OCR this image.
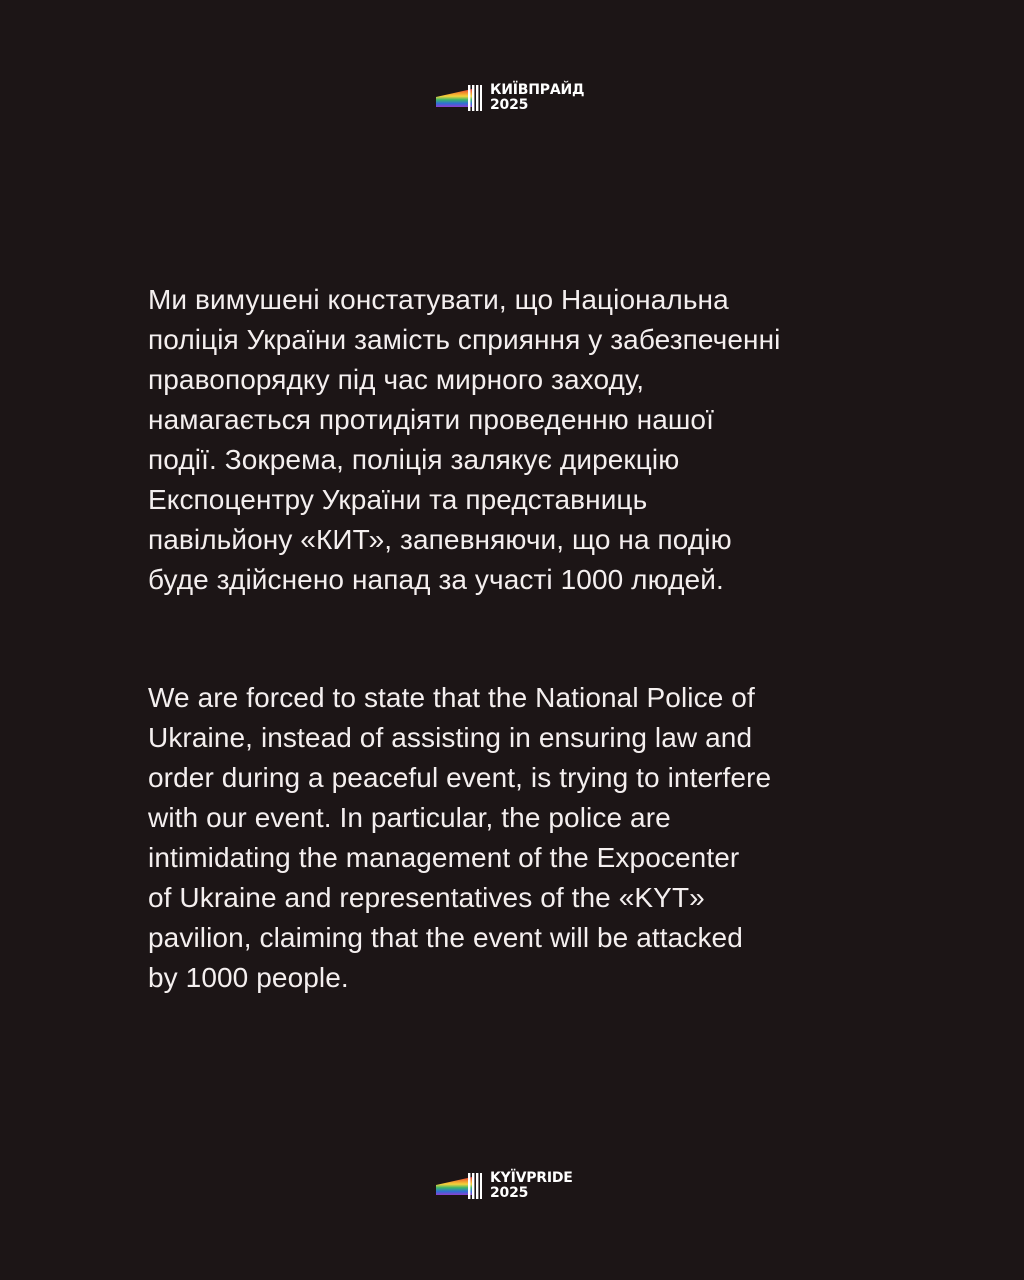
КИЇВПРАЙД
2025

Ми вимушені констатувати, що Національна
поліція України замість сприяння у забезпеченні
правопорядку під час мирного заходу,
намагається протидіяти проведенню нашої
події. Зокрема, поліція залякує дирекцію
Експоцентру України та представниць
павільйону «КИТ», запевняючи, що на подію
буде здійснено напад за участі 1000 людей.

We are forced to state that the National Police of
Ukraine, instead of assisting in ensuring law and
order during a peaceful event, is trying to interfere
with our event. In particular, the police are
intimidating the management of the Expocenter
of Ukraine and representatives of the «KYT»
pavilion, claiming that the event will be attacked
by 1000 people.

KYÏVPRIDE
2025
